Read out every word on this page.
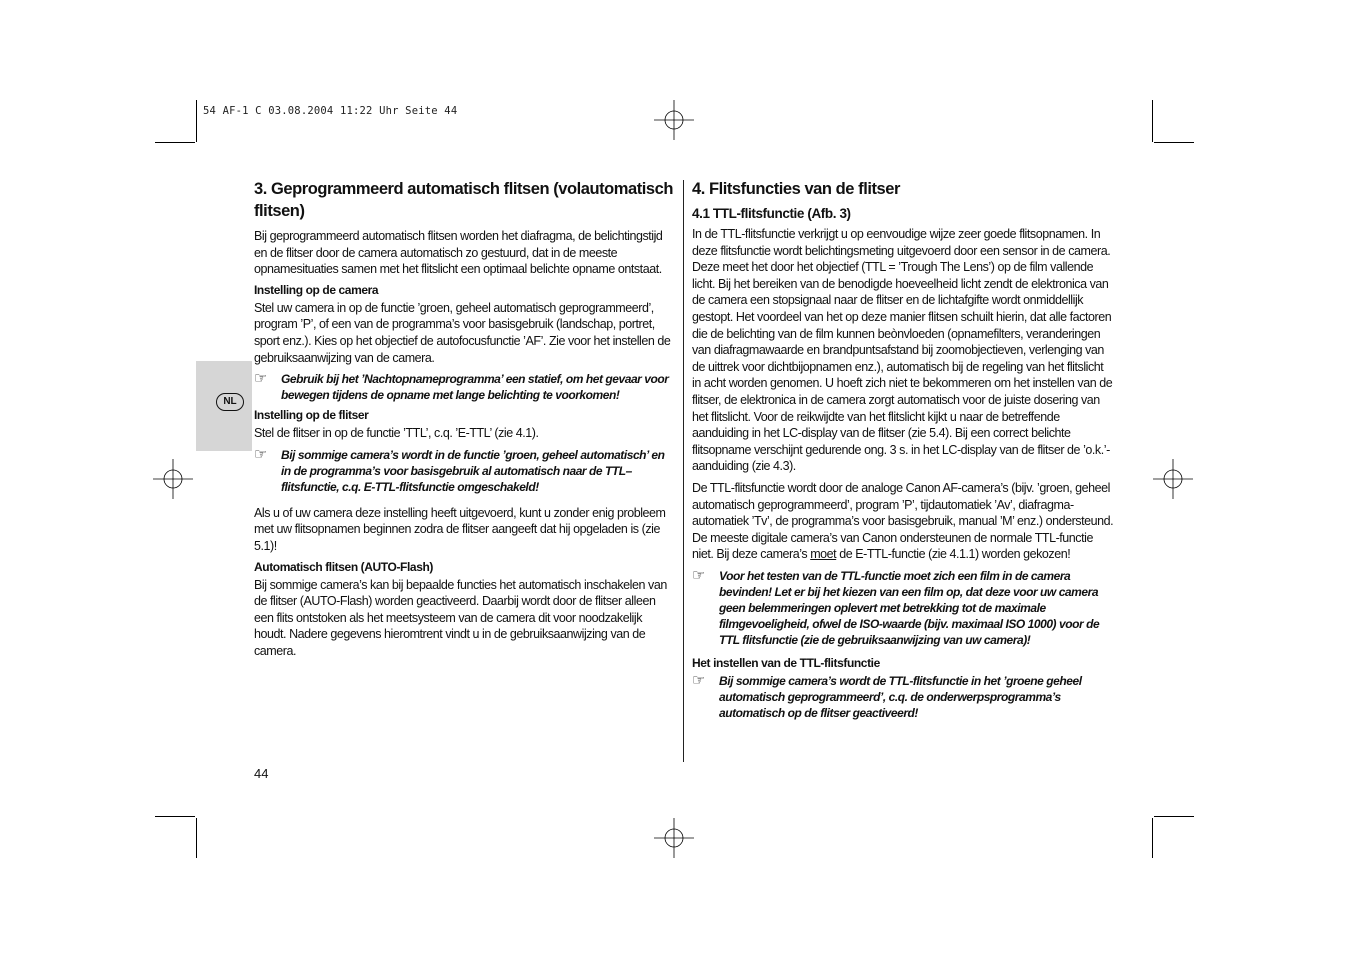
54 AF-1 C 03.08.2004 11:22 Uhr Seite 44
NL
3. Geprogrammeerd automatisch flitsen (volautomatisch flitsen)

Bij geprogrammeerd automatisch flitsen worden het diafragma, de belichtingstijd en de flitser door de camera automatisch zo gestuurd, dat in de meeste opnamesituaties samen met het flitslicht een optimaal belichte opname ontstaat.

Instelling op de camera

Stel uw camera in op de functie ’groen, geheel automatisch geprogrammeerd’, program ’P’, of een van de programma’s voor basisgebruik (landschap, portret, sport enz.). Kies op het objectief de autofocusfunctie ’AF’. Zie voor het instellen de gebruiksaanwijzing van de camera.

☞	Gebruik bij het ’Nachtopnameprogramma’ een statief, om het gevaar voor bewegen tijdens de opname met lange belichting te voorkomen!
Instelling op de flitser

Stel de flitser in op de functie ’TTL’, c.q. ’E-TTL’ (zie 4.1).

☞	Bij sommige camera’s wordt in de functie ’groen, geheel automatisch’ en in de programma’s voor basisgebruik al automatisch naar de TTL–flitsfunctie, c.q. E-TTL-flitsfunctie omgeschakeld!

Als u of uw camera deze instelling heeft uitgevoerd, kunt u zonder enig probleem met uw flitsopnamen beginnen zodra de flitser aangeeft dat hij opgeladen is (zie 5.1)!

Automatisch flitsen (AUTO-Flash)

Bij sommige camera’s kan bij bepaalde functies het automatisch inschakelen van de flitser (AUTO-Flash) worden geactiveerd. Daarbij wordt door de flitser alleen een flits ontstoken als het meetsysteem van de camera dit voor noodzakelijk houdt. Nadere gegevens hieromtrent vindt u in de gebruiksaanwijzing van de camera.

4. Flitsfuncties van de flitser
4.1 TTL-flitsfunctie (Afb. 3)

In de TTL-flitsfunctie verkrijgt u op eenvoudige wijze zeer goede flitsopnamen. In deze flitsfunctie wordt belichtingsmeting uitgevoerd door een sensor in de camera. Deze meet het door het objectief (TTL = ’Trough The Lens’) op de film vallende licht. Bij het bereiken van de benodigde hoeveelheid licht zendt de elektronica van de camera een stopsignaal naar de flitser en de lichtafgifte wordt onmiddellijk gestopt. Het voordeel van het op deze manier flitsen schuilt hierin, dat alle factoren die de belichting van de film kunnen beònvloeden (opnamefilters, veranderingen van diafragmawaarde en brandpuntsafstand bij zoomobjectieven, verlenging van de uittrek voor dichtbijopnamen enz.), automatisch bij de regeling van het flitslicht in acht worden genomen. U hoeft zich niet te bekommeren om het instellen van de flitser, de elektronica in de camera zorgt automatisch voor de juiste dosering van het flitslicht. Voor de reikwijdte van het flitslicht kijkt u naar de betreffende aanduiding in het LC-display van de flitser (zie 5.4). Bij een correct belichte flitsopname verschijnt gedurende ong. 3 s. in het LC-display van de flitser de ’o.k.’-aanduiding (zie 4.3).

De TTL-flitsfunctie wordt door de analoge Canon AF-camera’s (bijv. ’groen, geheel automatisch geprogrammeerd’, program ’P’, tijdautomatiek ’Av’, diafragma-automatiek ’Tv’, de programma’s voor basisgebruik, manual ’M’ enz.) ondersteund. De meeste digitale camera’s van Canon ondersteunen de normale TTL-functie niet. Bij deze camera’s moet de E-TTL-functie (zie 4.1.1) worden gekozen!

☞	Voor het testen van de TTL-functie moet zich een film in de camera bevinden! Let er bij het kiezen van een film op, dat deze voor uw camera geen belemmeringen oplevert met betrekking tot de maximale filmgevoeligheid, ofwel de ISO-waarde (bijv. maximaal ISO 1000) voor de TTL flitsfunctie (zie de gebruiksaanwijzing van uw camera)!
Het instellen van de TTL-flitsfunctie
☞	Bij sommige camera’s wordt de TTL-flitsfunctie in het ’groene geheel automatisch geprogrammeerd’, c.q. de onderwerpsprogramma’s automatisch op de flitser geactiveerd!
44
